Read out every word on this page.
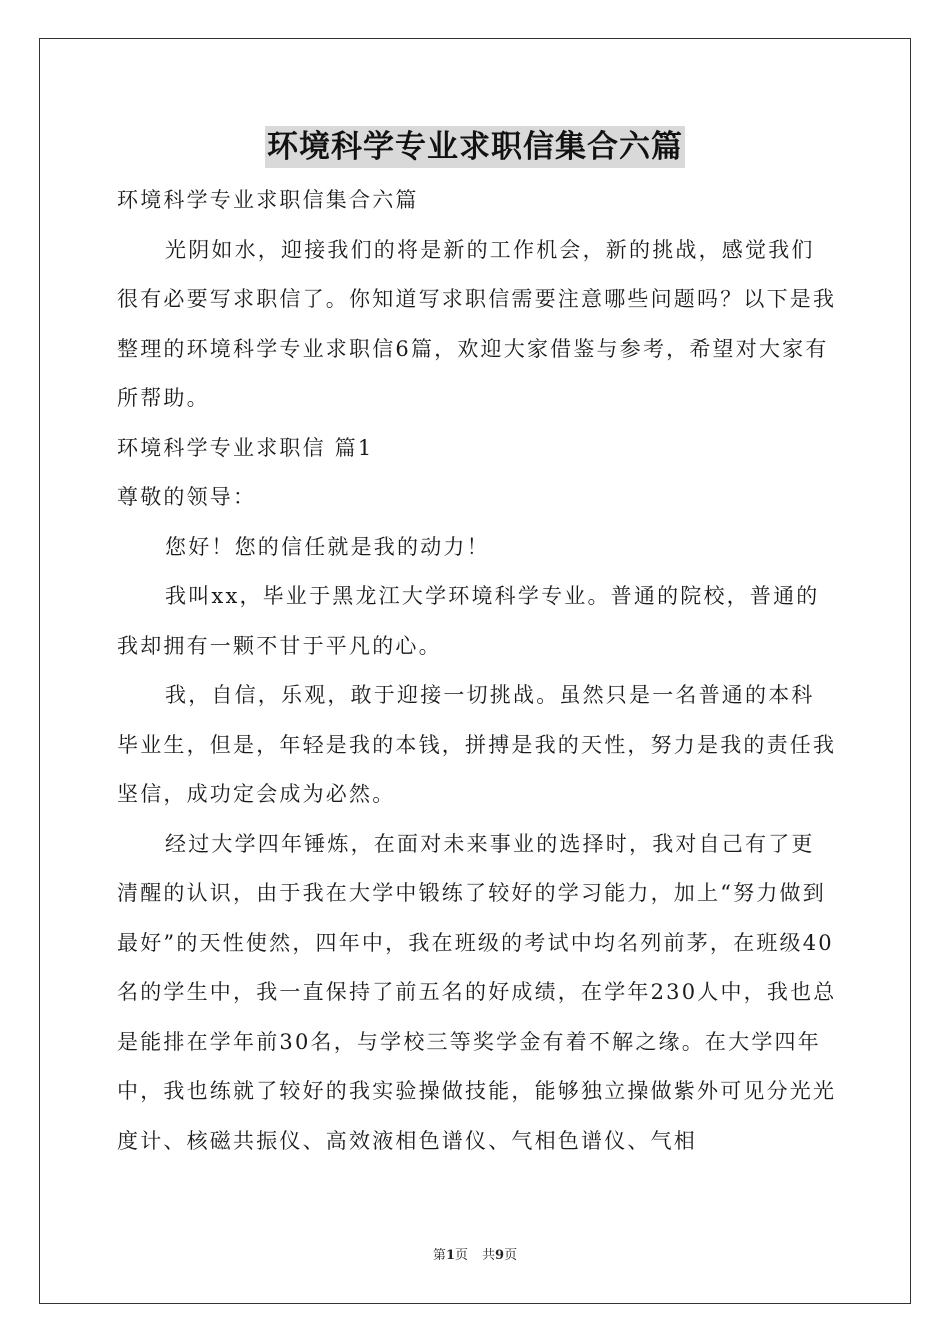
环境科学专业求职信集合六篇

环境科学专业求职信集合六篇

光阴如水，迎接我们的将是新的工作机会，新的挑战，感觉我们很有必要写求职信了。你知道写求职信需要注意哪些问题吗？以下是我整理的环境科学专业求职信6篇，欢迎大家借鉴与参考，希望对大家有所帮助。

环境科学专业求职信 篇1

尊敬的领导：

您好！您的信任就是我的动力！

我叫xx，毕业于黑龙江大学环境科学专业。普通的院校，普通的我却拥有一颗不甘于平凡的心。

我，自信，乐观，敢于迎接一切挑战。虽然只是一名普通的本科毕业生，但是，年轻是我的本钱，拼搏是我的天性，努力是我的责任我坚信，成功定会成为必然。

经过大学四年锤炼，在面对未来事业的选择时，我对自己有了更清醒的认识，由于我在大学中锻练了较好的学习能力，加上“努力做到最好”的天性使然，四年中，我在班级的考试中均名列前茅，在班级40名的学生中，我一直保持了前五名的好成绩，在学年230人中，我也总是能排在学年前30名，与学校三等奖学金有着不解之缘。在大学四年中，我也练就了较好的我实验操做技能，能够独立操做紫外可见分光光度计、核磁共振仪、高效液相色谱仪、气相色谱仪、气相

第1页 共9页
